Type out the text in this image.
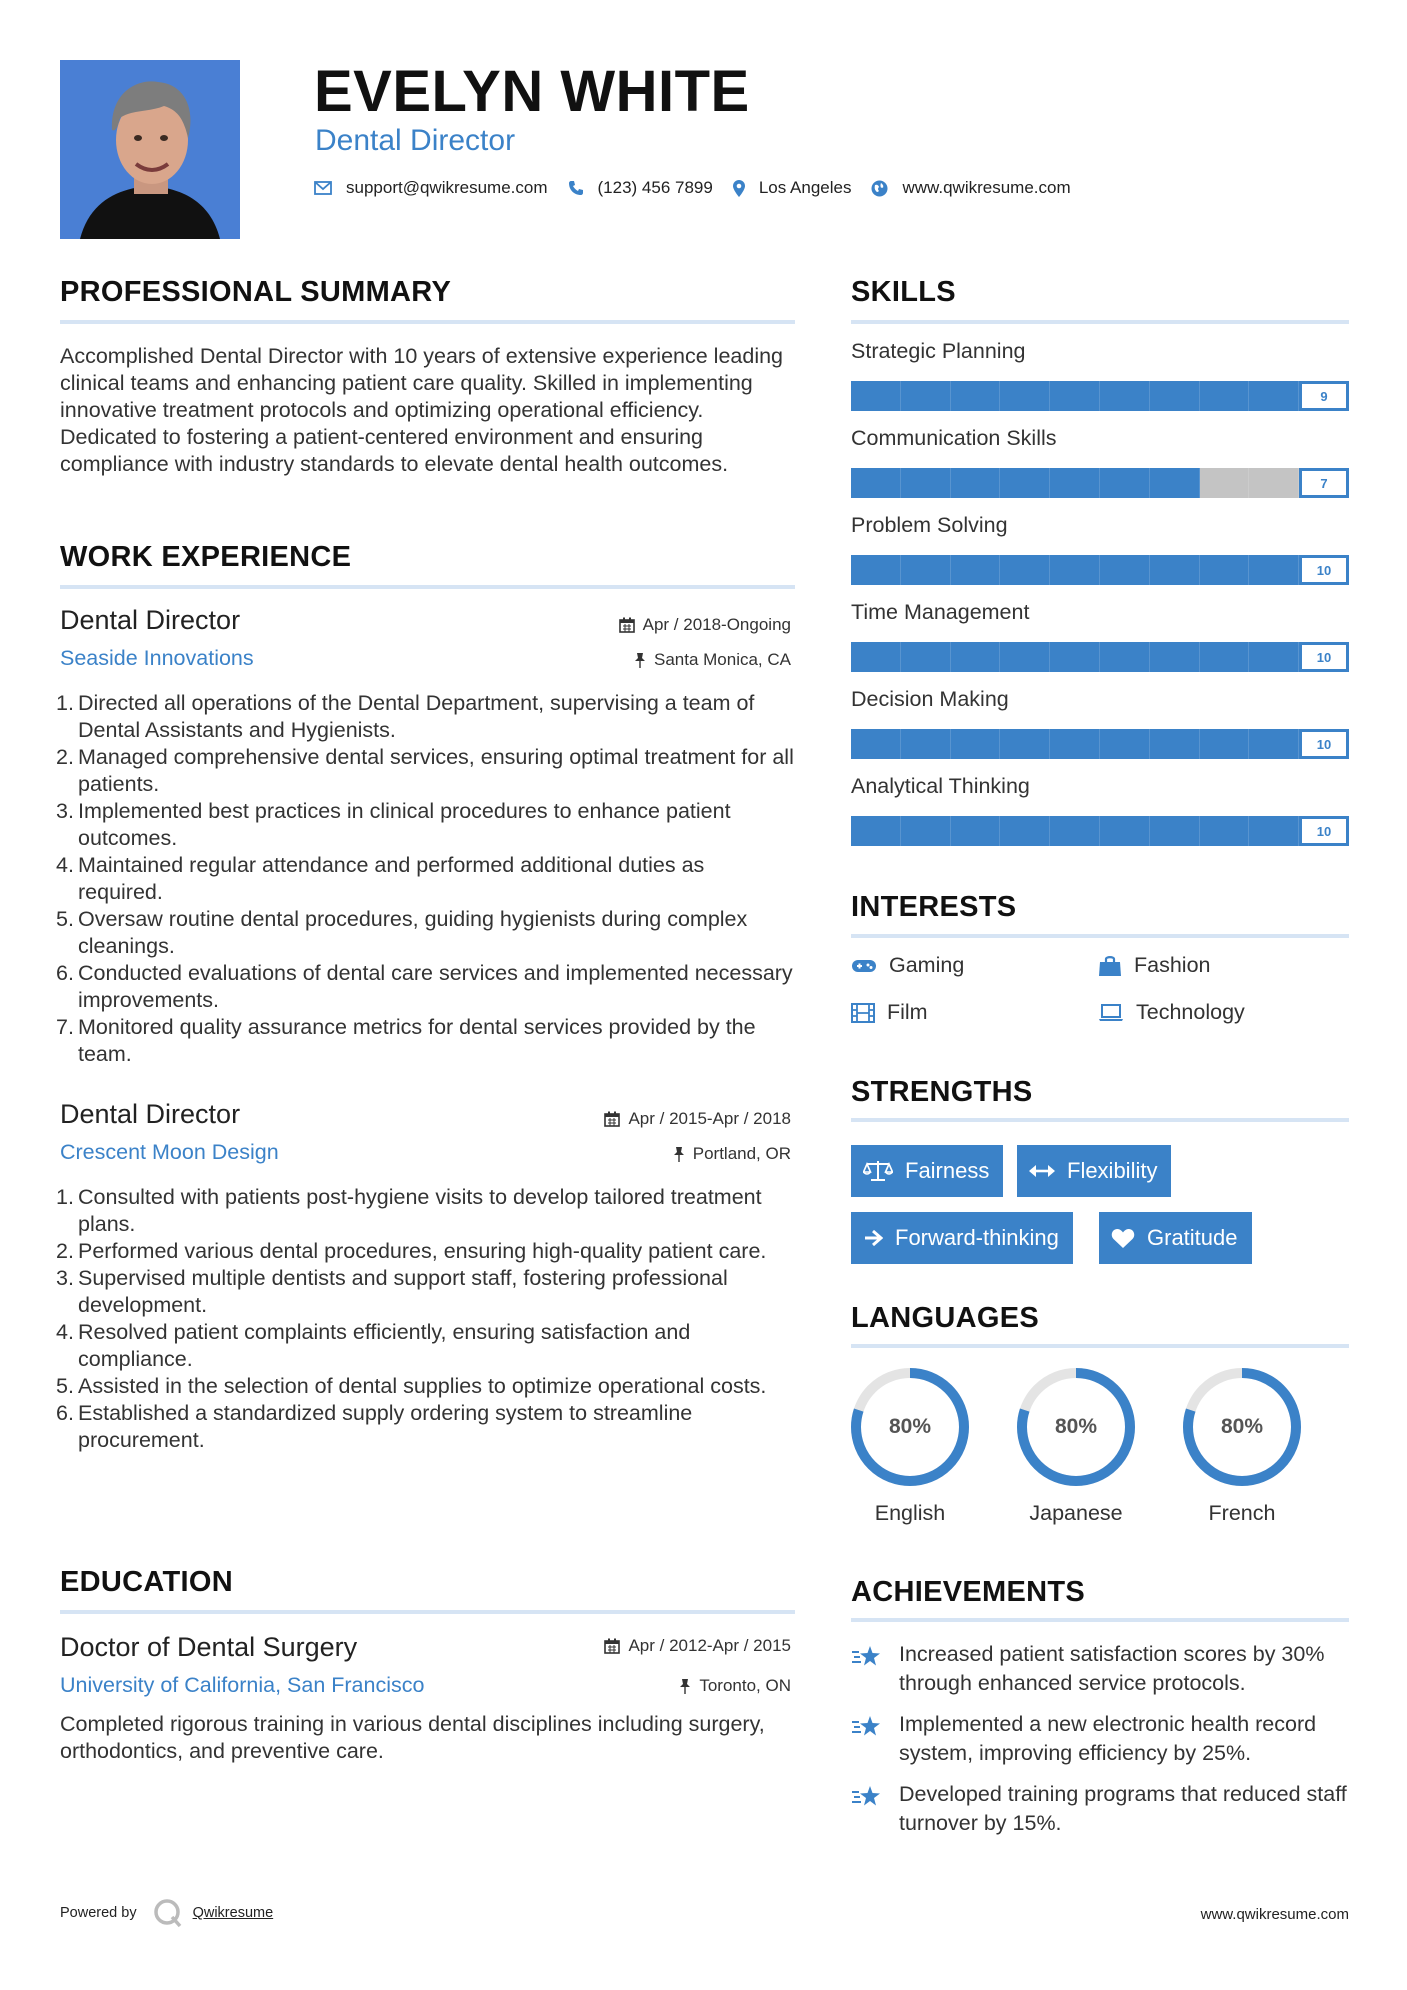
EVELYN WHITE
Dental Director
support@qwikresume.com	(123) 456 7899	Los Angeles	www.qwikresume.com
PROFESSIONAL SUMMARY
Accomplished Dental Director with 10 years of extensive experience leading clinical teams and enhancing patient care quality. Skilled in implementing innovative treatment protocols and optimizing operational efficiency. Dedicated to fostering a patient-centered environment and ensuring compliance with industry standards to elevate dental health outcomes.
WORK EXPERIENCE
Dental Director
Seaside Innovations
Apr / 2018-Ongoing
Santa Monica, CA
1. Directed all operations of the Dental Department, supervising a team of Dental Assistants and Hygienists.
2. Managed comprehensive dental services, ensuring optimal treatment for all patients.
3. Implemented best practices in clinical procedures to enhance patient outcomes.
4. Maintained regular attendance and performed additional duties as required.
5. Oversaw routine dental procedures, guiding hygienists during complex cleanings.
6. Conducted evaluations of dental care services and implemented necessary improvements.
7. Monitored quality assurance metrics for dental services provided by the team.
Dental Director
Crescent Moon Design
Apr / 2015-Apr / 2018
Portland, OR
1. Consulted with patients post-hygiene visits to develop tailored treatment plans.
2. Performed various dental procedures, ensuring high-quality patient care.
3. Supervised multiple dentists and support staff, fostering professional development.
4. Resolved patient complaints efficiently, ensuring satisfaction and compliance.
5. Assisted in the selection of dental supplies to optimize operational costs.
6. Established a standardized supply ordering system to streamline procurement.
EDUCATION
Doctor of Dental Surgery
University of California, San Francisco
Apr / 2012-Apr / 2015
Toronto, ON
Completed rigorous training in various dental disciplines including surgery, orthodontics, and preventive care.
SKILLS
Strategic Planning
9
Communication Skills
7
Problem Solving
10
Time Management
10
Decision Making
10
Analytical Thinking
10
INTERESTS
Gaming	Fashion
Film	Technology
STRENGTHS
Fairness	Flexibility
Forward-thinking	Gratitude
LANGUAGES
80%
English
80%
Japanese
80%
French
ACHIEVEMENTS
Increased patient satisfaction scores by 30% through enhanced service protocols.
Implemented a new electronic health record system, improving efficiency by 25%.
Developed training programs that reduced staff turnover by 15%.
Powered by	Qwikresume	www.qwikresume.com
